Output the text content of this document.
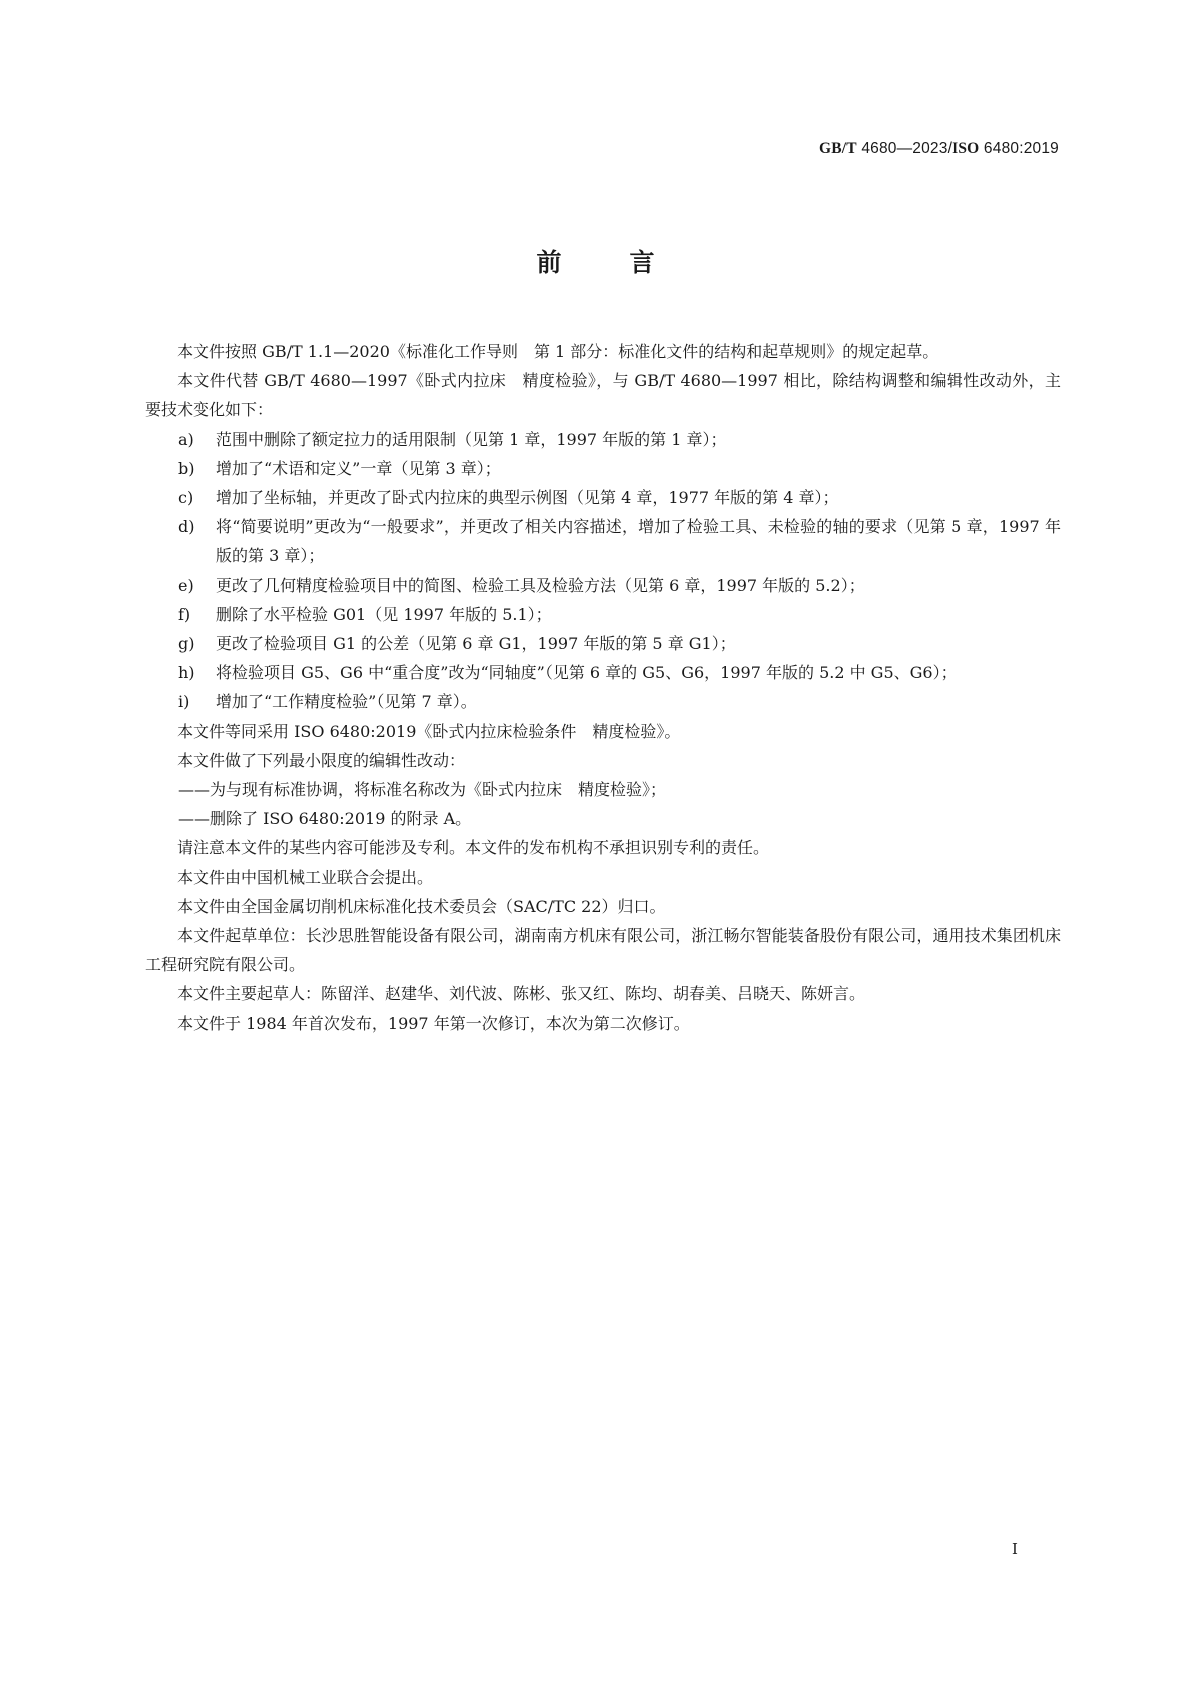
GB/T 4680—2023/ISO 6480:2019
前	言

本文件按照 GB/T 1.1—2020《标准化工作导则　第 1 部分：标准化文件的结构和起草规则》的规定起草。

本文件代替 GB/T 4680—1997《卧式内拉床　精度检验》，与 GB/T 4680—1997 相比，除结构调整和编辑性改动外，主要技术变化如下：

a)	范围中删除了额定拉力的适用限制（见第 1 章，1997 年版的第 1 章）；
b)	增加了“术语和定义”一章（见第 3 章）；
c)	增加了坐标轴，并更改了卧式内拉床的典型示例图（见第 4 章，1977 年版的第 4 章）；
d)	将“简要说明”更改为“一般要求”，并更改了相关内容描述，增加了检验工具、未检验的轴的要求（见第 5 章，1997 年版的第 3 章）；
e)	更改了几何精度检验项目中的简图、检验工具及检验方法（见第 6 章，1997 年版的 5.2）；
f)	删除了水平检验 G01（见 1997 年版的 5.1）；
g)	更改了检验项目 G1 的公差（见第 6 章 G1，1997 年版的第 5 章 G1）；
h)	将检验项目 G5、G6 中“重合度”改为“同轴度”（见第 6 章的 G5、G6，1997 年版的 5.2 中 G5、G6）；
i)	增加了“工作精度检验”（见第 7 章）。

本文件等同采用 ISO 6480:2019《卧式内拉床检验条件　精度检验》。

本文件做了下列最小限度的编辑性改动：

——为与现有标准协调，将标准名称改为《卧式内拉床　精度检验》；
——删除了 ISO 6480:2019 的附录 A。

请注意本文件的某些内容可能涉及专利。本文件的发布机构不承担识别专利的责任。

本文件由中国机械工业联合会提出。

本文件由全国金属切削机床标准化技术委员会（SAC/TC 22）归口。

本文件起草单位：长沙思胜智能设备有限公司，湖南南方机床有限公司，浙江畅尔智能装备股份有限公司，通用技术集团机床工程研究院有限公司。

本文件主要起草人：陈留洋、赵建华、刘代波、陈彬、张又红、陈均、胡春美、吕晓天、陈妍言。

本文件于 1984 年首次发布，1997 年第一次修订，本次为第二次修订。

I
